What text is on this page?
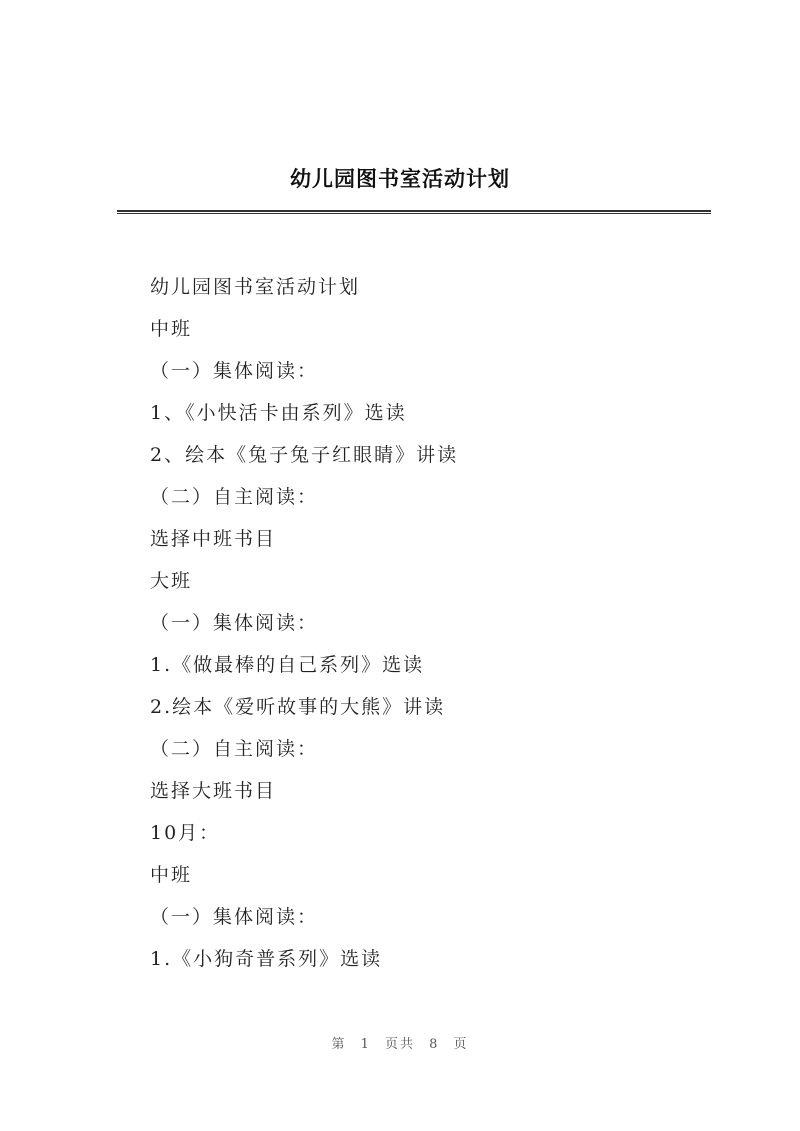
幼儿园图书室活动计划
幼儿园图书室活动计划
中班
（一）集体阅读：
1、《小快活卡由系列》选读
2、绘本《兔子兔子红眼睛》讲读
（二）自主阅读：
选择中班书目
大班
（一）集体阅读：
1.《做最棒的自己系列》选读
2.绘本《爱听故事的大熊》讲读
（二）自主阅读：
选择大班书目
10月：
中班
（一）集体阅读：
1.《小狗奇普系列》选读
第 1 页共 8 页
